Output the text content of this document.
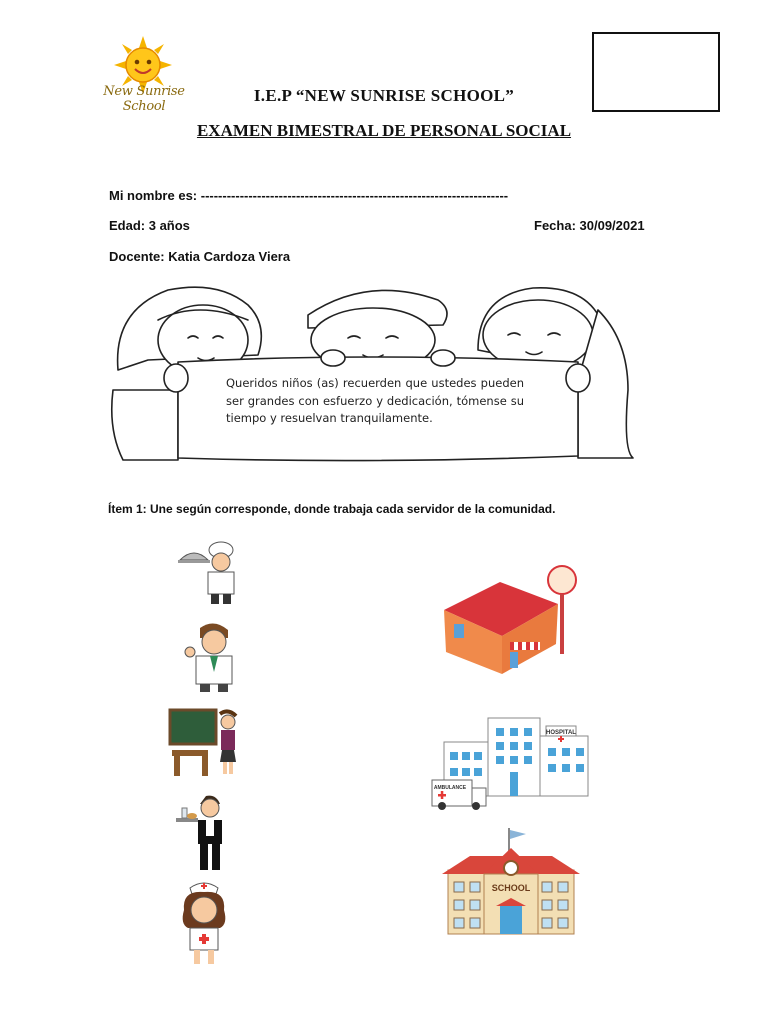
New Sunrise School
I.E.P “NEW SUNRISE SCHOOL”
EXAMEN BIMESTRAL DE PERSONAL SOCIAL
Mi nombre es: -----------------------------------------------------------------------
Edad: 3 años	Fecha: 30/09/2021
Docente: Katia Cardoza Viera
Queridos niños (as) recuerden que ustedes pueden ser grandes con esfuerzo y dedicación, tómense su tiempo y resuelvan tranquilamente.
Ítem 1: Une según corresponde, donde trabaja cada servidor de la comunidad.
HOSPITAL
AMBULANCE
SCHOOL
